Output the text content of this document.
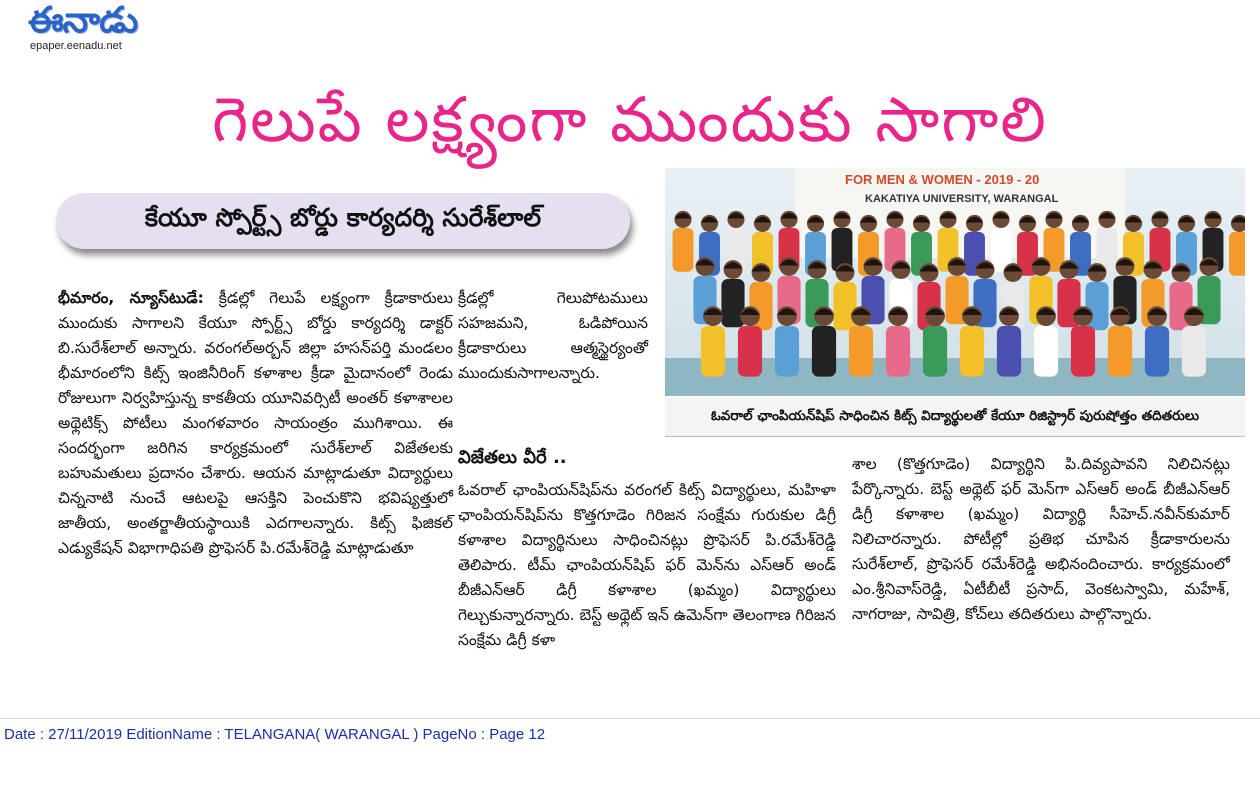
ఈనాడు
epaper.eenadu.net
గెలుపే లక్ష్యంగా ముందుకు సాగాలి
కేయూ స్పోర్ట్స్ బోర్డు కార్యదర్శి సురేశ్‌లాల్
భీమారం, న్యూస్‌టుడే: క్రీడల్లో గెలుపే లక్ష్యంగా క్రీడాకారులు ముందుకు సాగాలని కేయూ స్పోర్ట్స్ బోర్డు కార్యదర్శి డాక్టర్ బి.సురేశ్‌లాల్ అన్నారు. వరంగల్‌అర్బన్ జిల్లా హసన్‌పర్తి మండలం భీమారంలోని కిట్స్ ఇంజినీరింగ్ కళాశాల క్రీడా మైదానంలో రెండు రోజులుగా నిర్వహిస్తున్న కాకతీయ యూనివర్సిటీ అంతర్ కళాశాలల అథ్లెటిక్స్ పోటీలు మంగళవారం సాయంత్రం ముగిశాయి. ఈ సందర్భంగా జరిగిన కార్యక్రమంలో సురేశ్‌లాల్ విజేతలకు బహుమతులు ప్రదానం చేశారు. ఆయన మాట్లాడుతూ విద్యార్థులు చిన్ననాటి నుంచే ఆటలపై ఆసక్తిని పెంచుకొని భవిష్యత్తులో జాతీయ, అంతర్జాతీయస్థాయికి ఎదగాలన్నారు. కిట్స్ ఫిజికల్ ఎడ్యుకేషన్ విభాగాధిపతి ప్రొఫెసర్ పి.రమేశ్‌రెడ్డి మాట్లాడుతూ
క్రీడల్లో గెలుపోటములు సహజమని, ఓడిపోయిన క్రీడాకారులు ఆత్మస్థైర్యంతో ముందుకుసాగాలన్నారు.
విజేతలు వీరే ..
ఓవరాల్ ఛాంపియన్‌షిప్‌ను వరంగల్ కిట్స్ విద్యార్థులు, మహిళా ఛాంపియన్‌షిప్‌ను కొత్తగూడెం గిరిజన సంక్షేమ గురుకుల డిగ్రీ కళాశాల విద్యార్థినులు సాధించినట్లు ప్రొఫెసర్ పి.రమేశ్‌రెడ్డి తెలిపారు. టీమ్ ఛాంపియన్‌షిప్ ఫర్ మెన్‌ను ఎస్ఆర్ అండ్ బీజీఎన్‌ఆర్ డిగ్రీ కళాశాల (ఖమ్మం) విద్యార్థులు గెల్చుకున్నారన్నారు. బెస్ట్ అథ్లెట్ ఇన్ ఉమెన్‌గా తెలంగాణ గిరిజన సంక్షేమ డిగ్రీ కళా
శాల (కొత్తగూడెం) విద్యార్థిని పి.దివ్యపావని నిలిచినట్లు పేర్కొన్నారు. బెస్ట్ అథ్లెట్ ఫర్ మెన్‌గా ఎస్ఆర్ అండ్ బీజీఎన్‌ఆర్ డిగ్రీ కళాశాల (ఖమ్మం) విద్యార్థి సీహెచ్.నవీన్‌కుమార్ నిలిచారన్నారు. పోటీల్లో ప్రతిభ చూపిన క్రీడాకారులను సురేశ్‌లాల్, ప్రొఫెసర్ రమేశ్‌రెడ్డి అభినందించారు. కార్యక్రమంలో ఎం.శ్రీనివాస్‌రెడ్డి, ఏటీబీటీ ప్రసాద్, వెంకటస్వామి, మహేశ్, నాగరాజు, సావిత్రి, కోచ్‌లు తదితరులు పాల్గొన్నారు.
FOR MEN & WOMEN - 2019 - 20
KAKATIYA UNIVERSITY, WARANGAL
ఓవరాల్ ఛాంపియన్‌షిప్ సాధించిన కిట్స్ విద్యార్థులతో కేయూ రిజిస్ట్రార్ పురుషోత్తం తదితరులు
Date : 27/11/2019 EditionName : TELANGANA( WARANGAL ) PageNo : Page 12
